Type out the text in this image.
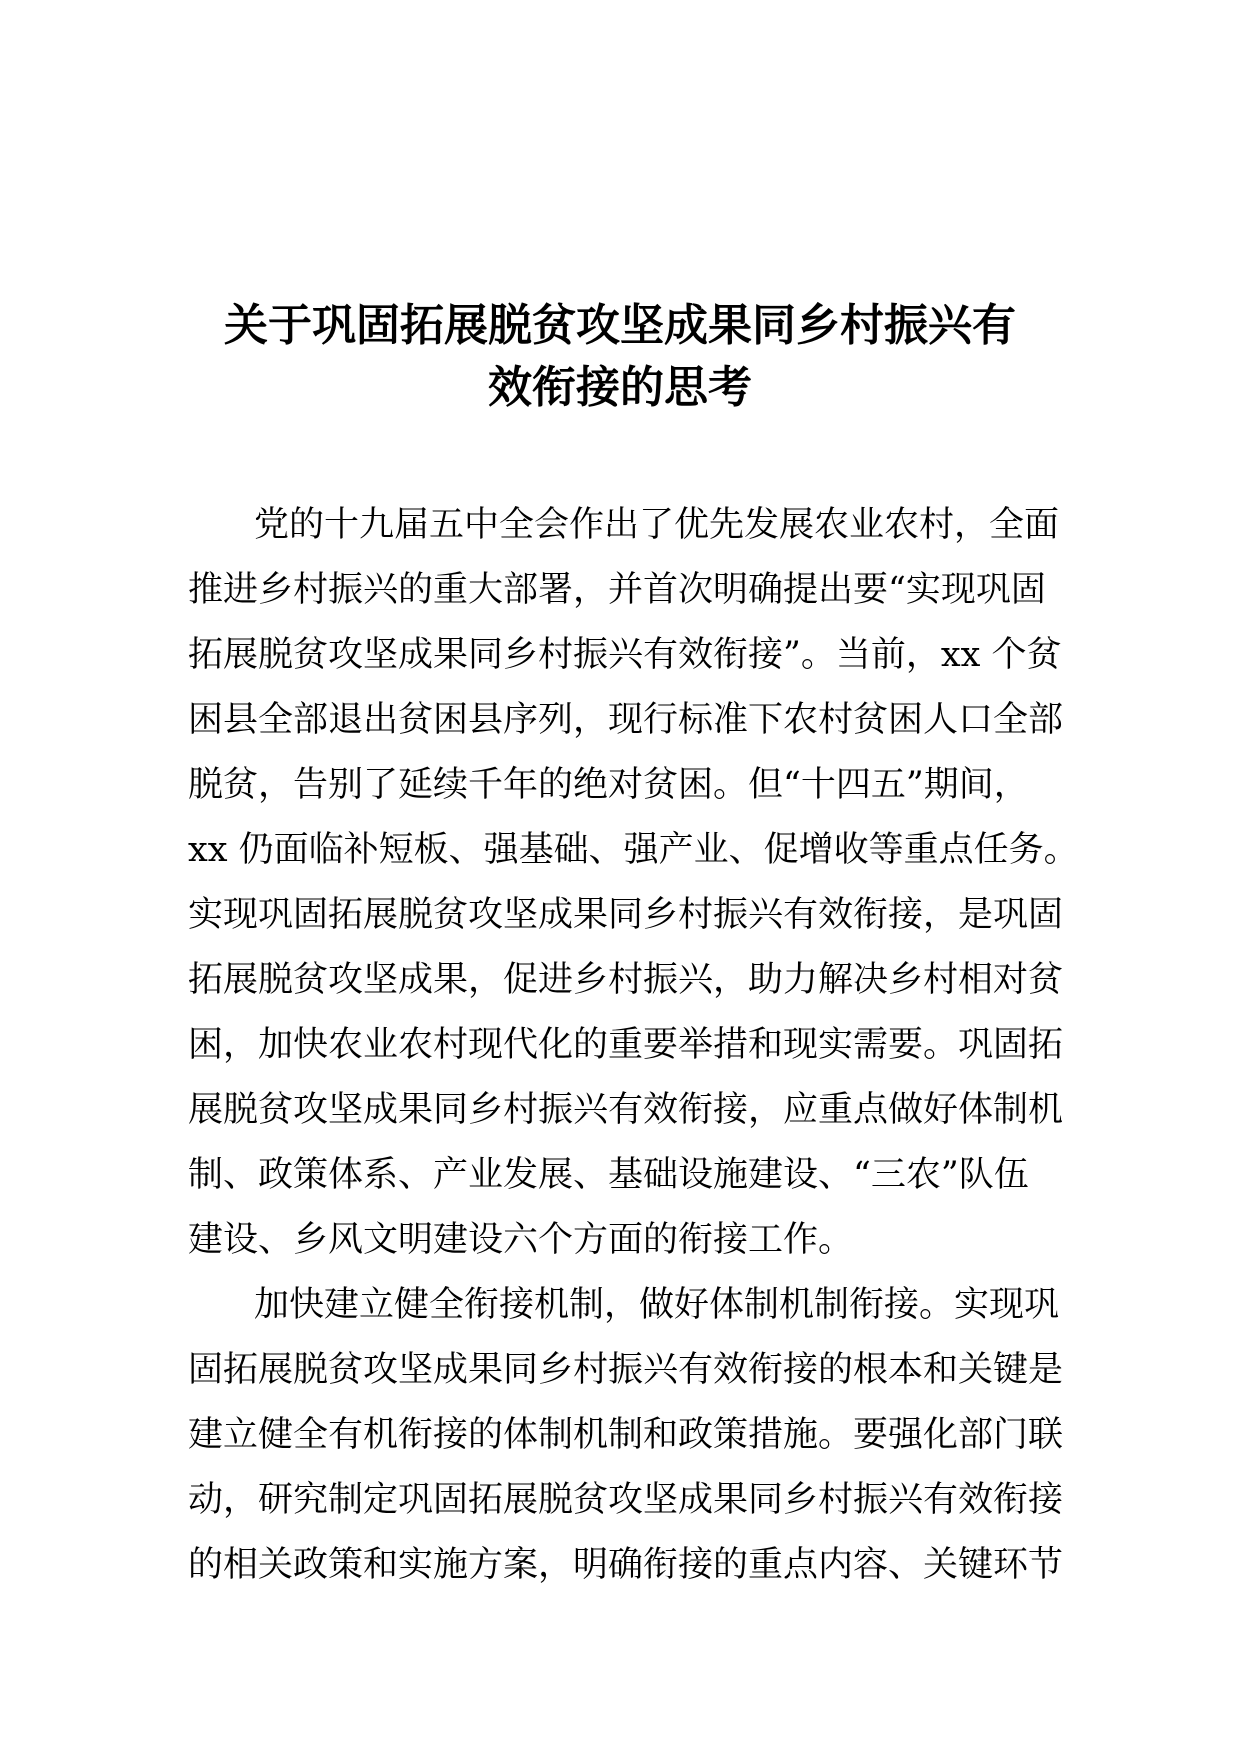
关于巩固拓展脱贫攻坚成果同乡村振兴有
效衔接的思考

党的十九届五中全会作出了优先发展农业农村，全面
推进乡村振兴的重大部署，并首次明确提出要“实现巩固
拓展脱贫攻坚成果同乡村振兴有效衔接”。当前，xx 个贫
困县全部退出贫困县序列，现行标准下农村贫困人口全部
脱贫，告别了延续千年的绝对贫困。但“十四五”期间，
xx 仍面临补短板、强基础、强产业、促增收等重点任务。
实现巩固拓展脱贫攻坚成果同乡村振兴有效衔接，是巩固
拓展脱贫攻坚成果，促进乡村振兴，助力解决乡村相对贫
困，加快农业农村现代化的重要举措和现实需要。巩固拓
展脱贫攻坚成果同乡村振兴有效衔接，应重点做好体制机
制、政策体系、产业发展、基础设施建设、“三农”队伍
建设、乡风文明建设六个方面的衔接工作。

加快建立健全衔接机制，做好体制机制衔接。实现巩
固拓展脱贫攻坚成果同乡村振兴有效衔接的根本和关键是
建立健全有机衔接的体制机制和政策措施。要强化部门联
动，研究制定巩固拓展脱贫攻坚成果同乡村振兴有效衔接
的相关政策和实施方案，明确衔接的重点内容、关键环节
